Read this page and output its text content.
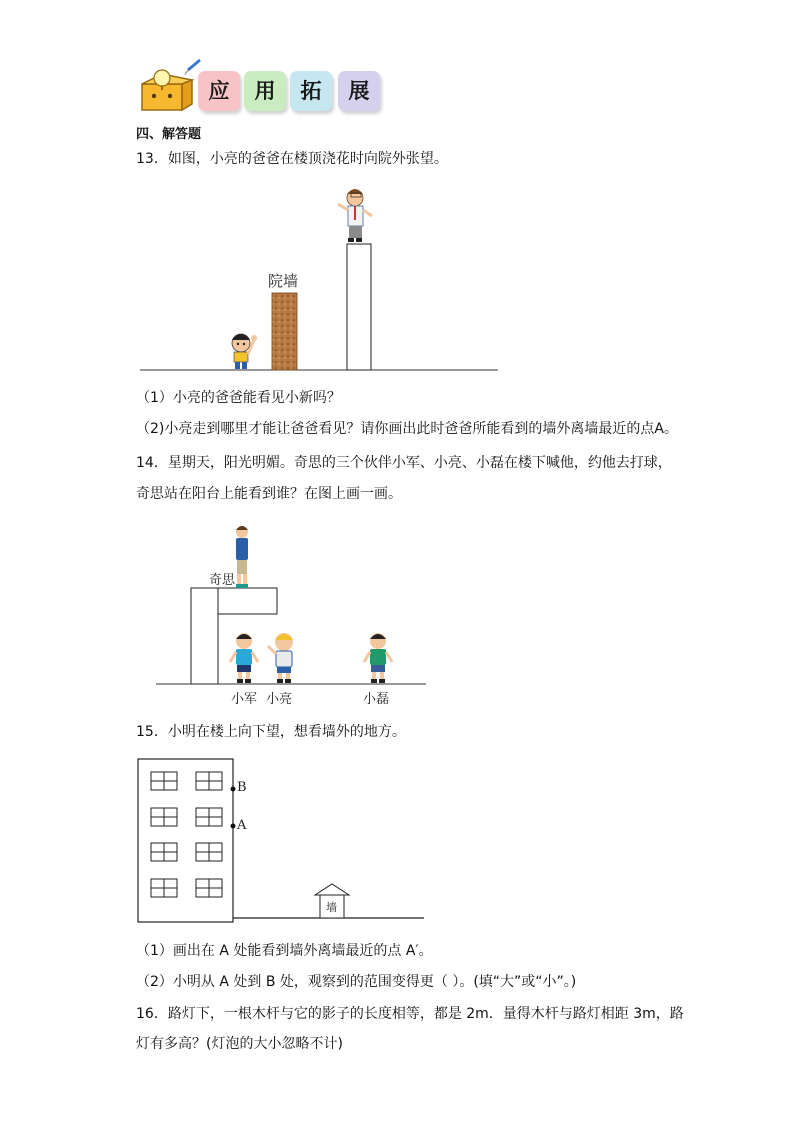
应	用	拓	展
四、解答题
13．如图，小亮的爸爸在楼顶浇花时向院外张望。
院墙
（1）小亮的爸爸能看见小新吗？
（2)小亮走到哪里才能让爸爸看见？请你画出此时爸爸所能看到的墙外离墙最近的点A。
14．星期天，阳光明媚。奇思的三个伙伴小军、小亮、小磊在楼下喊他，约他去打球，
奇思站在阳台上能看到谁？在图上画一画。
奇思
小军 小亮	小磊
15．小明在楼上向下望，想看墙外的地方。
B
A
墙
（1）画出在 A 处能看到墙外离墙最近的点 A′。
（2）小明从 A 处到 B 处，观察到的范围变得更（ ）。(填“大”或“小”。)
16．路灯下，一根木杆与它的影子的长度相等，都是 2m．量得木杆与路灯相距 3m，路
灯有多高？(灯泡的大小忽略不计)
